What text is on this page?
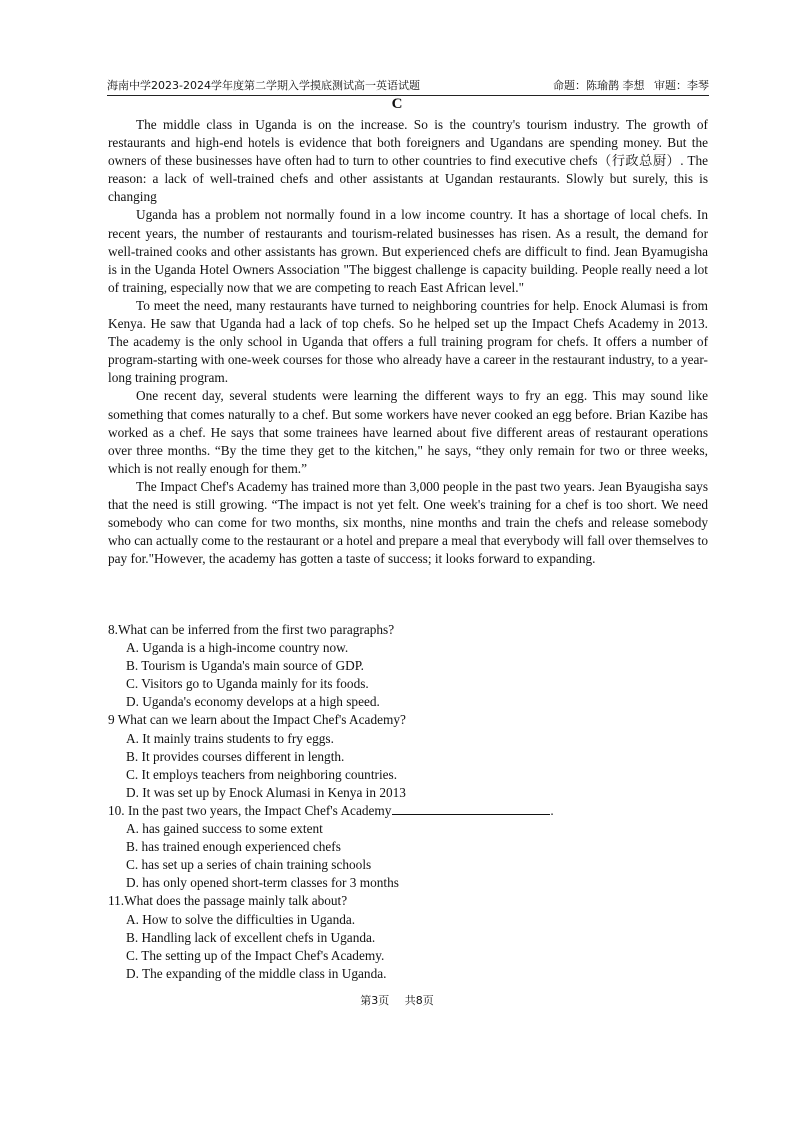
海南中学2023-2024学年度第二学期入学摸底测试高一英语试题	命题：陈瑜鹊 李想 审题：李琴
C

The middle class in Uganda is on the increase. So is the country's tourism industry. The growth of restaurants and high-end hotels is evidence that both foreigners and Ugandans are spending money. But the owners of these businesses have often had to turn to other countries to find executive chefs（行政总厨）. The reason: a lack of well-trained chefs and other assistants at Ugandan restaurants. Slowly but surely, this is changing

Uganda has a problem not normally found in a low income country. It has a shortage of local chefs. In recent years, the number of restaurants and tourism-related businesses has risen. As a result, the demand for well-trained cooks and other assistants has grown. But experienced chefs are difficult to find. Jean Byamugisha is in the Uganda Hotel Owners Association "The biggest challenge is capacity building. People really need a lot of training, especially now that we are competing to reach East African level."

To meet the need, many restaurants have turned to neighboring countries for help. Enock Alumasi is from Kenya. He saw that Uganda had a lack of top chefs. So he helped set up the Impact Chefs Academy in 2013. The academy is the only school in Uganda that offers a full training program for chefs. It offers a number of program-starting with one-week courses for those who already have a career in the restaurant industry, to a year-long training program.

One recent day, several students were learning the different ways to fry an egg. This may sound like something that comes naturally to a chef. But some workers have never cooked an egg before. Brian Kazibe has worked as a chef. He says that some trainees have learned about five different areas of restaurant operations over three months. “By the time they get to the kitchen," he says, “they only remain for two or three weeks, which is not really enough for them.”

The Impact Chef's Academy has trained more than 3,000 people in the past two years. Jean Byaugisha says that the need is still growing. “The impact is not yet felt. One week's training for a chef is too short. We need somebody who can come for two months, six months, nine months and train the chefs and release somebody who can actually come to the restaurant or a hotel and prepare a meal that everybody will fall over themselves to pay for."However, the academy has gotten a taste of success; it looks forward to expanding.

8.What can be inferred from the first two paragraphs?

A. Uganda is a high-income country now.

B. Tourism is Uganda's main source of GDP.

C. Visitors go to Uganda mainly for its foods.

D. Uganda's economy develops at a high speed.

9 What can we learn about the Impact Chef's Academy?

A. It mainly trains students to fry eggs.

B. It provides courses different in length.

C. It employs teachers from neighboring countries.

D. It was set up by Enock Alumasi in Kenya in 2013

10. In the past two years, the Impact Chef's Academy	.

A. has gained success to some extent

B. has trained enough experienced chefs

C. has set up a series of chain training schools

D. has only opened short-term classes for 3 months

11.What does the passage mainly talk about?

A. How to solve the difficulties in Uganda.

B. Handling lack of excellent chefs in Uganda.

C. The setting up of the Impact Chef's Academy.

D. The expanding of the middle class in Uganda.

第3页 共8页
